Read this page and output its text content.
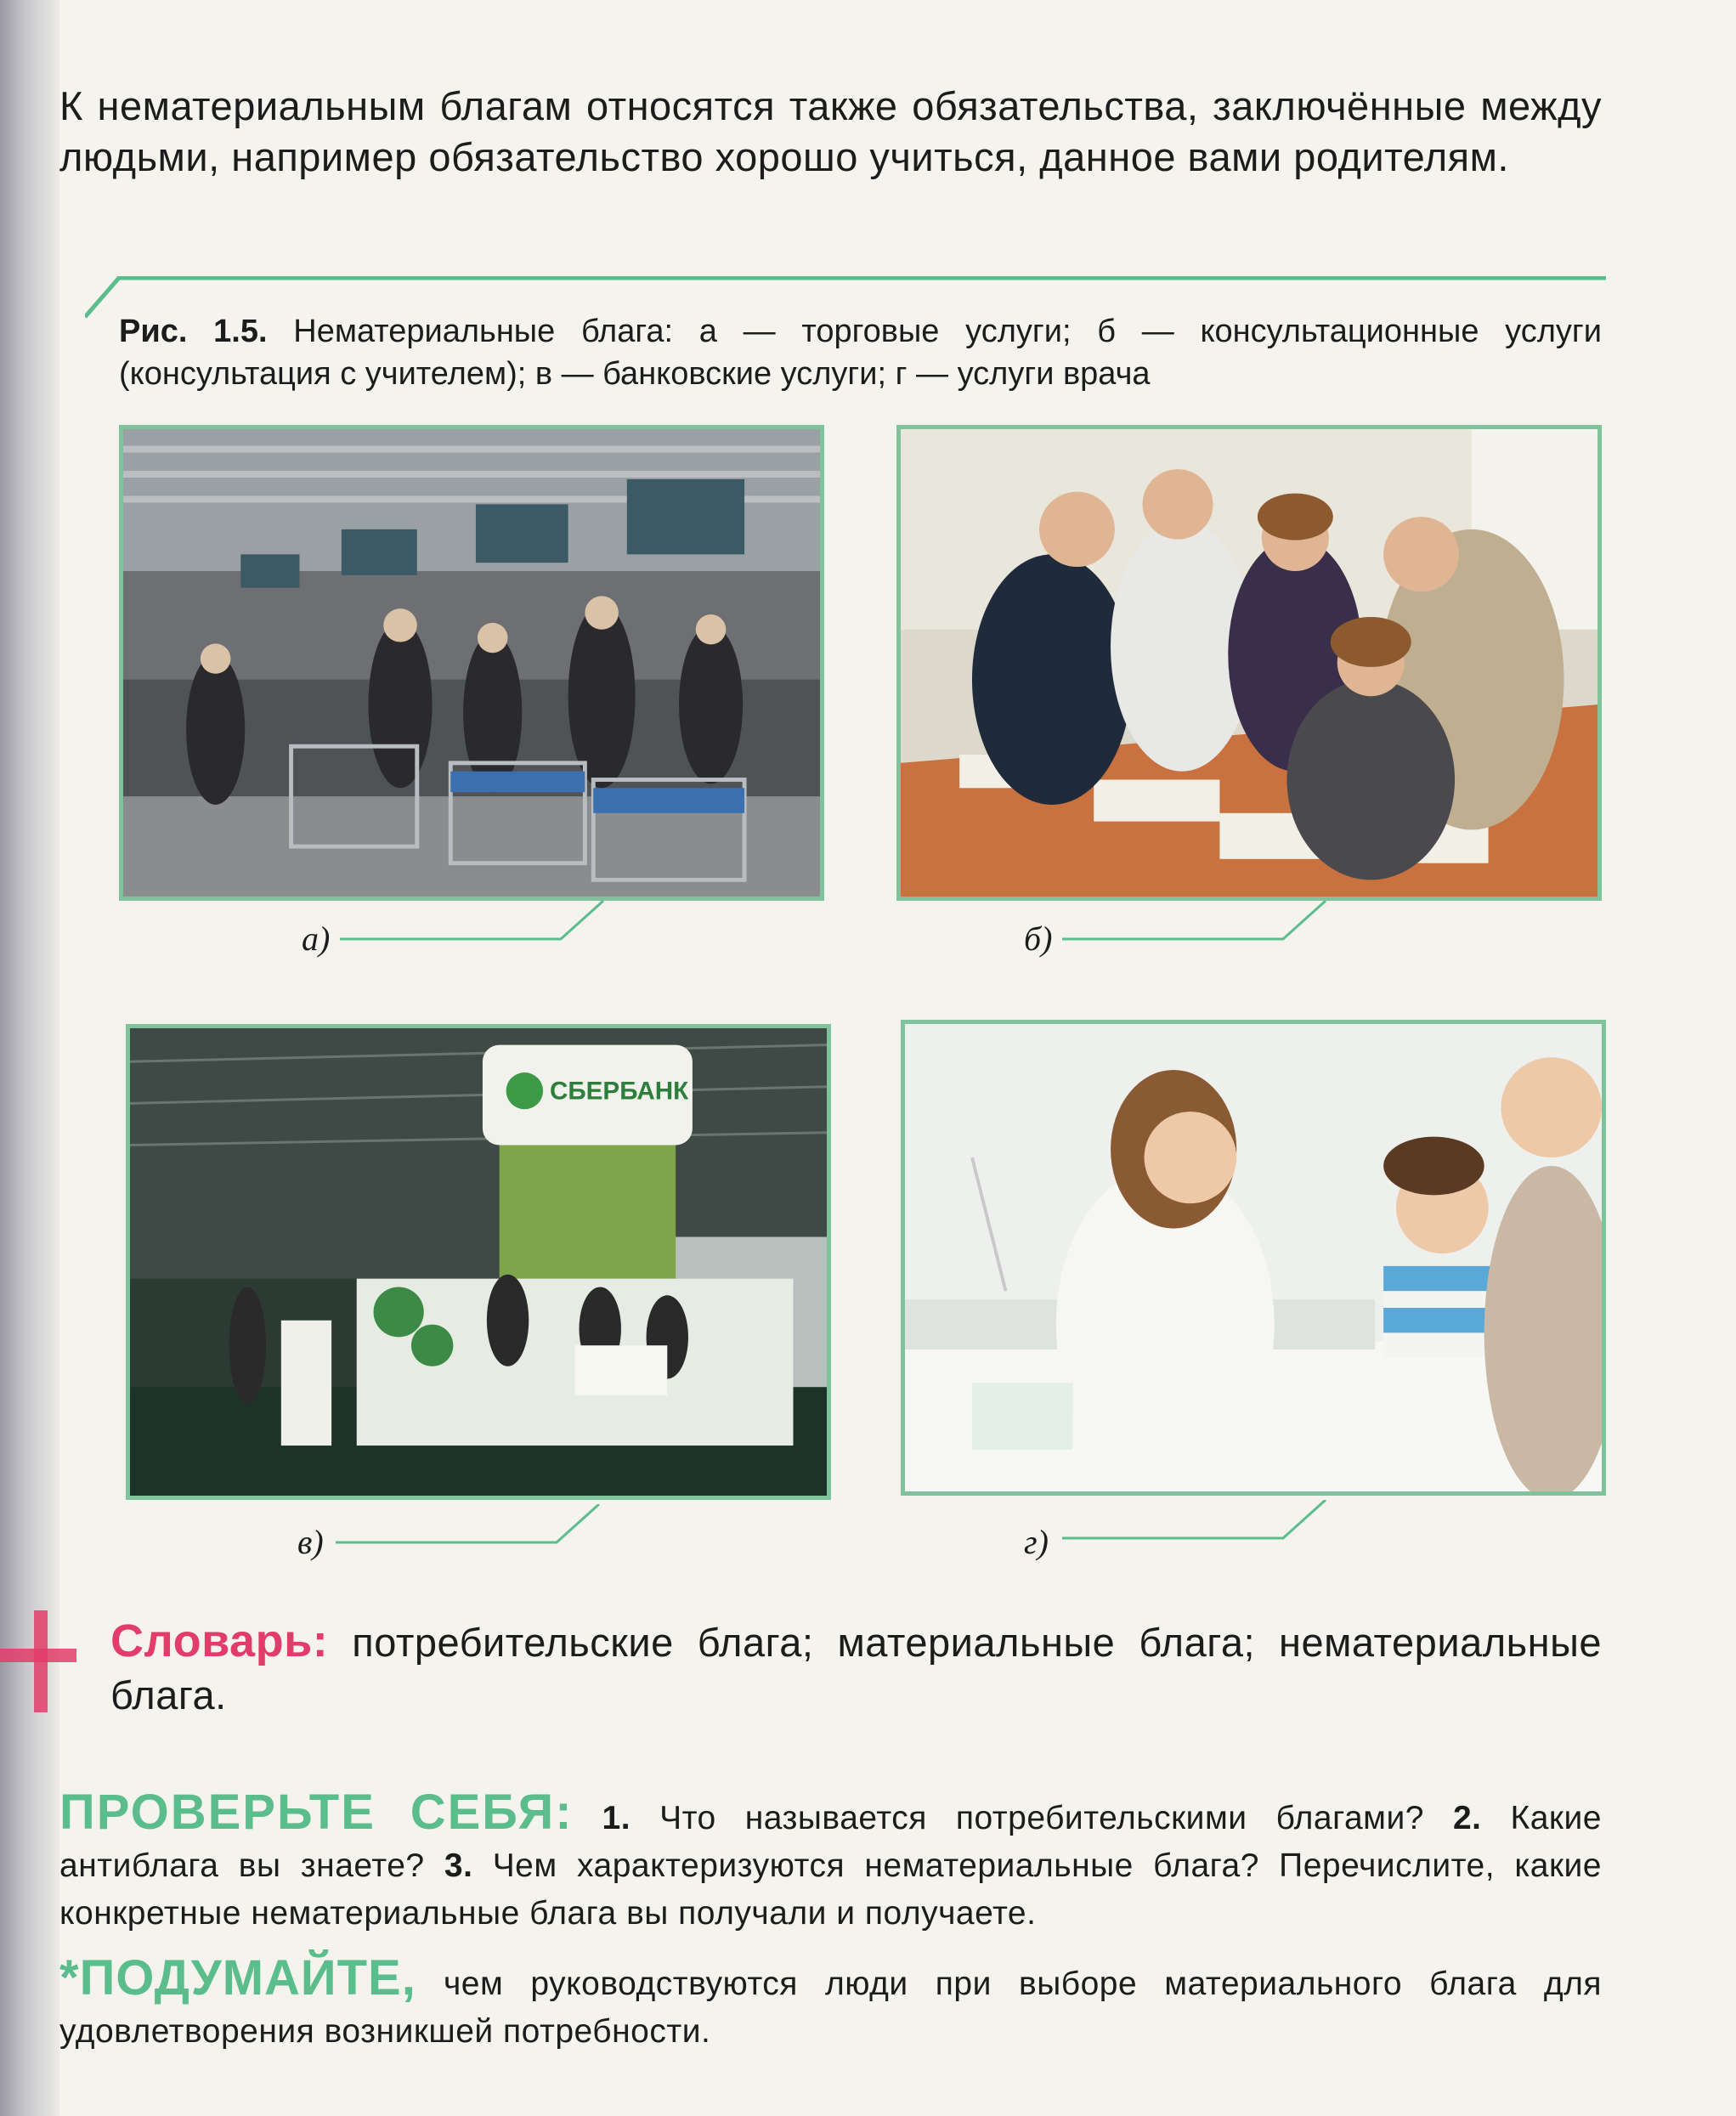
К нематериальным благам относятся также обязательства, заключённые между людьми, например обязательство хорошо учиться, данное вами родителям.

Рис. 1.5. Нематериальные блага: а — торговые услуги; б — консультационные услуги (консультация с учителем); в — банковские услуги; г — услуги врача

а)	б)
СБЕРБАНК
в)	г)

Словарь: потребительские блага; материальные блага; нематериальные блага.

ПРОВЕРЬТЕ СЕБЯ: 1. Что называется потребительскими благами? 2. Какие антиблага вы знаете? 3. Чем характеризуются нематериальные блага? Перечислите, какие конкретные нематериальные блага вы получали и получаете.

*ПОДУМАЙТЕ, чем руководствуются люди при выборе материального блага для удовлетворения возникшей потребности.
